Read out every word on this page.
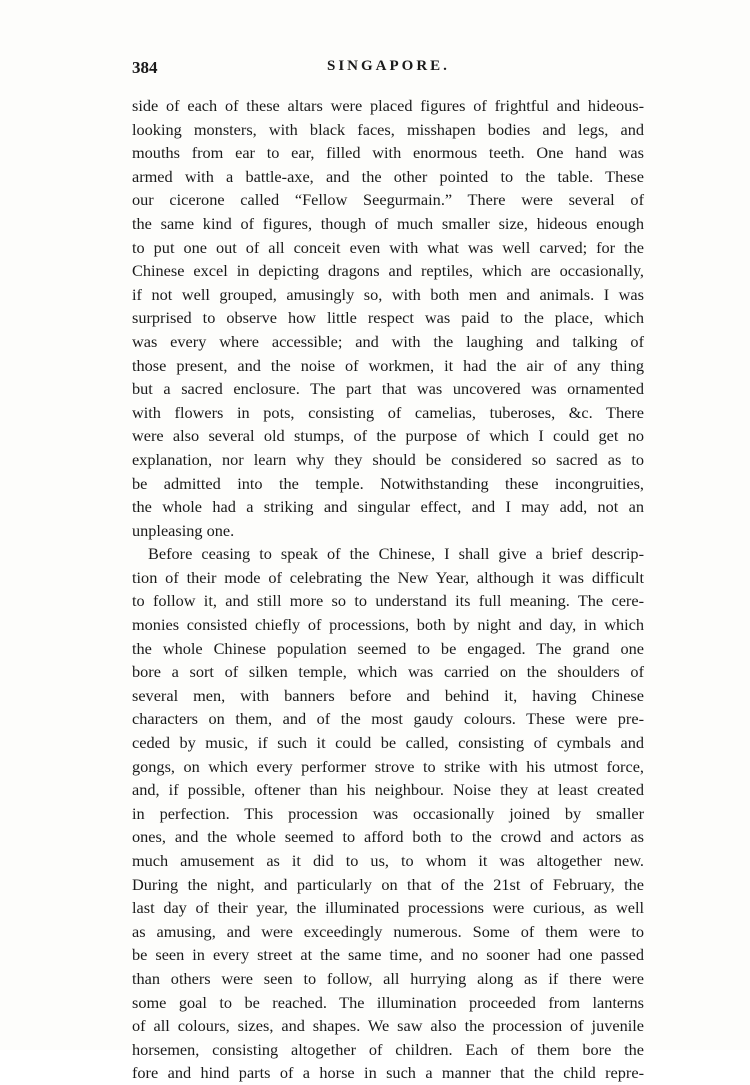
384	SINGAPORE.
side of each of these altars were placed figures of frightful and hideous-
looking monsters, with black faces, misshapen bodies and legs, and
mouths from ear to ear, filled with enormous teeth. One hand was
armed with a battle-axe, and the other pointed to the table. These
our cicerone called “Fellow Seegurmain.” There were several of
the same kind of figures, though of much smaller size, hideous enough
to put one out of all conceit even with what was well carved; for the
Chinese excel in depicting dragons and reptiles, which are occasionally,
if not well grouped, amusingly so, with both men and animals. I was
surprised to observe how little respect was paid to the place, which
was every where accessible; and with the laughing and talking of
those present, and the noise of workmen, it had the air of any thing
but a sacred enclosure. The part that was uncovered was ornamented
with flowers in pots, consisting of camelias, tuberoses, &c. There
were also several old stumps, of the purpose of which I could get no
explanation, nor learn why they should be considered so sacred as to
be admitted into the temple. Notwithstanding these incongruities,
the whole had a striking and singular effect, and I may add, not an
unpleasing one.
Before ceasing to speak of the Chinese, I shall give a brief descrip-
tion of their mode of celebrating the New Year, although it was difficult
to follow it, and still more so to understand its full meaning. The cere-
monies consisted chiefly of processions, both by night and day, in which
the whole Chinese population seemed to be engaged. The grand one
bore a sort of silken temple, which was carried on the shoulders of
several men, with banners before and behind it, having Chinese
characters on them, and of the most gaudy colours. These were pre-
ceded by music, if such it could be called, consisting of cymbals and
gongs, on which every performer strove to strike with his utmost force,
and, if possible, oftener than his neighbour. Noise they at least created
in perfection. This procession was occasionally joined by smaller
ones, and the whole seemed to afford both to the crowd and actors as
much amusement as it did to us, to whom it was altogether new.
During the night, and particularly on that of the 21st of February, the
last day of their year, the illuminated processions were curious, as well
as amusing, and were exceedingly numerous. Some of them were to
be seen in every street at the same time, and no sooner had one passed
than others were seen to follow, all hurrying along as if there were
some goal to be reached. The illumination proceeded from lanterns
of all colours, sizes, and shapes. We saw also the procession of juvenile
horsemen, consisting altogether of children. Each of them bore the
fore and hind parts of a horse in such a manner that the child repre-
